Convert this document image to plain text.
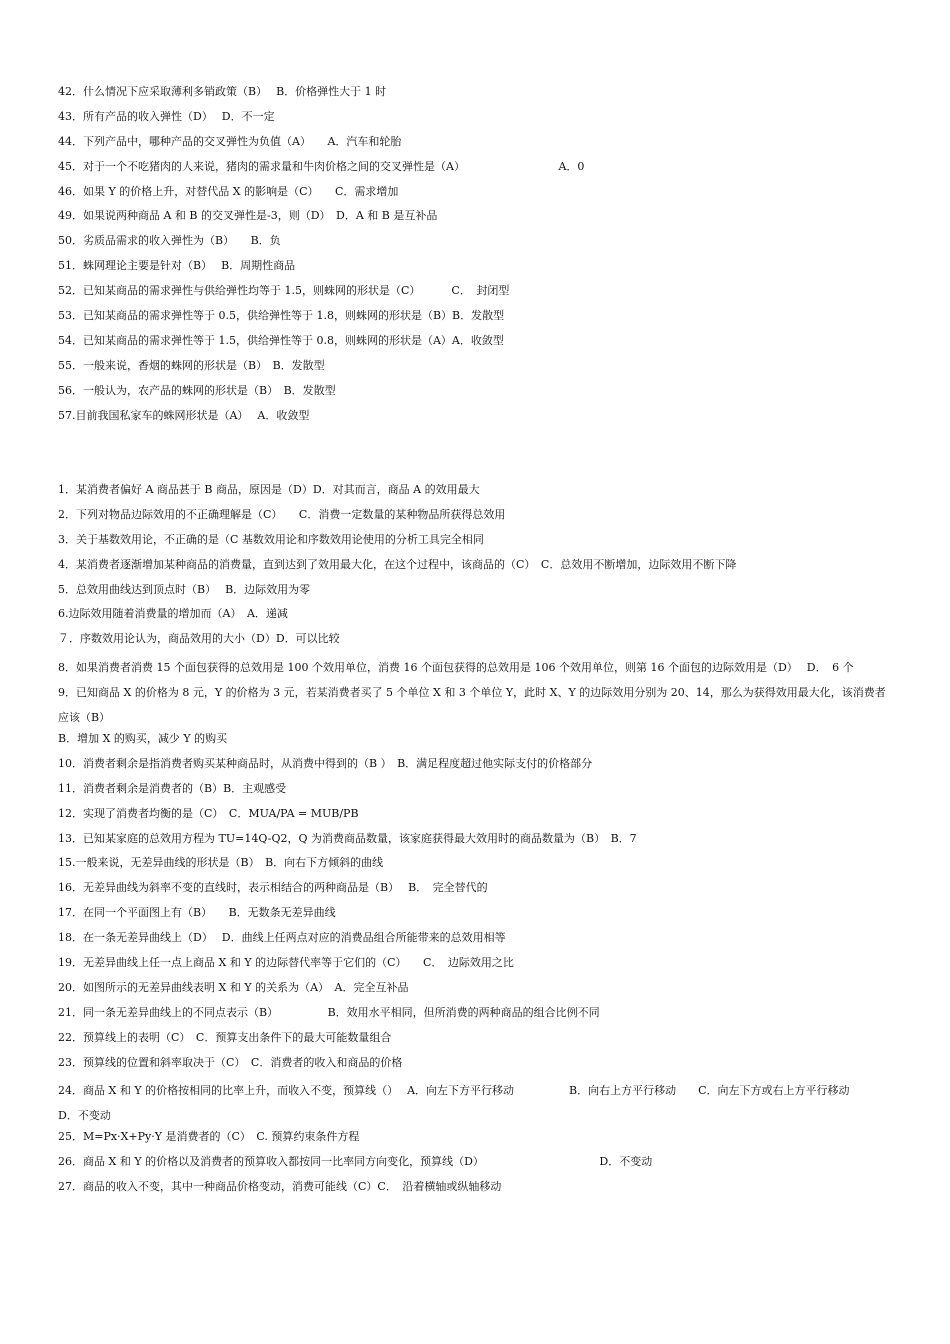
42．什么情况下应采取薄利多销政策（B）　 B．价格弹性大于 1 时
43．所有产品的收入弹性（D）　 D．不一定
44．下列产品中，哪种产品的交叉弹性为负值（A）　　A．汽车和轮胎
45．对于一个不吃猪肉的人来说，猪肉的需求量和牛肉价格之间的交叉弹性是（A）　　　　　　　　　A．0
46．如果 Y 的价格上升，对替代品 X 的影响是（C）　　C．需求增加
49．如果说两种商品 A 和 B 的交叉弹性是-3，则（D）　D．A 和 B 是互补品
50．劣质品需求的收入弹性为（B）　　B．负
51．蛛网理论主要是针对（B）　 B．周期性商品
52．已知某商品的需求弹性与供给弹性均等于 1.5，则蛛网的形状是（C）　　　 C．　封闭型
53．已知某商品的需求弹性等于 0.5，供给弹性等于 1.8，则蛛网的形状是（B）B．发散型
54．已知某商品的需求弹性等于 1.5，供给弹性等于 0.8，则蛛网的形状是（A）A．收敛型
55．一般来说，香烟的蛛网的形状是（B）　B．发散型
56．一般认为，农产品的蛛网的形状是（B）　B．发散型
57.目前我国私家车的蛛网形状是（A）　 A．收敛型
1．某消费者偏好 A 商品甚于 B 商品，原因是（D）D．对其而言，商品 A 的效用最大
2．下列对物品边际效用的不正确理解是（C）　　C．消费一定数量的某种物品所获得总效用
3．关于基数效用论，不正确的是（C 基数效用论和序数效用论使用的分析工具完全相同
4．某消费者逐渐增加某种商品的消费量，直到达到了效用最大化，在这个过程中，该商品的（C）　C．总效用不断增加，边际效用不断下降
5．总效用曲线达到顶点时（B）　 B．边际效用为零
6.边际效用随着消费量的增加而（A）　A．递减
７．序数效用论认为，商品效用的大小（D）D．可以比较
8．如果消费者消费 15 个面包获得的总效用是 100 个效用单位，消费 16 个面包获得的总效用是 106 个效用单位，则第 16 个面包的边际效用是（D）　 D．　6 个
9．已知商品 X 的价格为 8 元，Y 的价格为 3 元，若某消费者买了 5 个单位 X 和 3 个单位 Y，此时 X、Y 的边际效用分别为 20、14，那么为获得效用最大化，该消费者应该（B）
B．增加 X 的购买，减少 Y 的购买
10．消费者剩余是指消费者购买某种商品时，从消费中得到的（B ）　B．满足程度超过他实际支付的价格部分
11．消费者剩余是消费者的（B）B．主观感受
12．实现了消费者均衡的是（C）　C．MUA/PA = MUB/PB
13．已知某家庭的总效用方程为 TU=14Q-Q2，Q 为消费商品数量，该家庭获得最大效用时的商品数量为（B）　B．7
15.一般来说，无差异曲线的形状是（B）　B．向右下方倾斜的曲线
16．无差异曲线为斜率不变的直线时，表示相结合的两种商品是（B）　 B．　完全替代的
17．在同一个平面图上有（B）　　B．无数条无差异曲线
18．在一条无差异曲线上（D）　 D．曲线上任两点对应的消费品组合所能带来的总效用相等
19．无差异曲线上任一点上商品 X 和 Y 的边际替代率等于它们的（C）　　C．　边际效用之比
20．如图所示的无差异曲线表明 X 和 Y 的关系为（A）　A．完全互补品
21．同一条无差异曲线上的不同点表示（B）　　　　　B．效用水平相同，但所消费的两种商品的组合比例不同
22．预算线上的表明（C）　C．预算支出条件下的最大可能数量组合
23．预算线的位置和斜率取决于（C）　C．消费者的收入和商品的价格
24．商品 X 和 Y 的价格按相同的比率上升，而收入不变，预算线（）　 A．向左下方平行移动　　　　　B．向右上方平行移动　　C．向左下方或右上方平行移动　　　　　　　D．不变动
25．M=Px·X+Py·Y 是消费者的（C）　C. 预算约束条件方程
26．商品 X 和 Y 的价格以及消费者的预算收入都按同一比率同方向变化，预算线（D）　　　　　　　　　　　D．不变动
27．商品的收入不变，其中一种商品价格变动，消费可能线（C）C．　沿着横轴或纵轴移动
